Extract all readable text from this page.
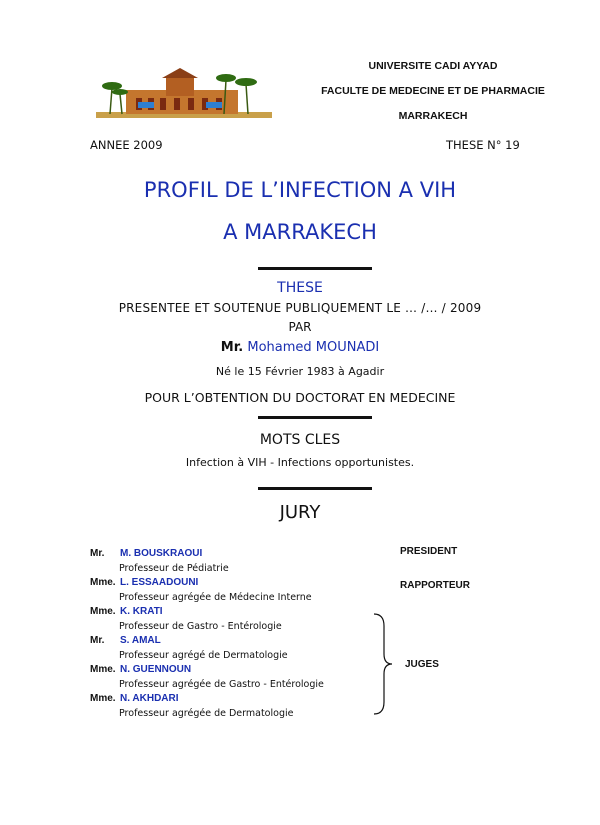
UNIVERSITE CADI AYYAD
FACULTE DE MEDECINE ET DE PHARMACIE
MARRAKECH
ANNEE 2009	THESE N° 19
PROFIL DE L’INFECTION A VIH
A MARRAKECH
THESE
PRESENTEE ET SOUTENUE PUBLIQUEMENT LE … /… / 2009
PAR
Mr. Mohamed MOUNADI
Né le 15 Février 1983 à Agadir
POUR L’OBTENTION DU DOCTORAT EN MEDECINE
MOTS CLES
Infection à VIH - Infections opportunistes.
JURY
Mr. M. BOUSKRAOUI
Professeur de Pédiatrie
Mme. L. ESSAADOUNI
Professeur agrégée de Médecine Interne
Mme. K. KRATI
Professeur de Gastro - Entérologie
Mr. S. AMAL
Professeur agrégé de Dermatologie
Mme. N. GUENNOUN
Professeur agrégée de Gastro - Entérologie
Mme. N. AKHDARI
Professeur agrégée de Dermatologie
PRESIDENT
RAPPORTEUR
JUGES
